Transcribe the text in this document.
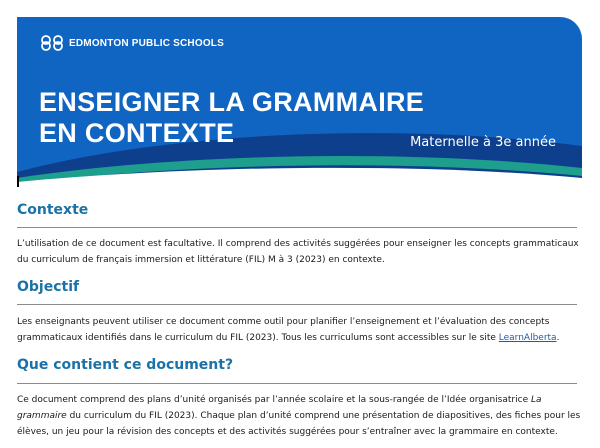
EDMONTON PUBLIC SCHOOLS
ENSEIGNER LA GRAMMAIRE
EN CONTEXTE	Maternelle à 3e année
Contexte

L’utilisation de ce document est facultative. Il comprend des activités suggérées pour enseigner les concepts grammaticaux du curriculum de français immersion et littérature (FIL) M à 3 (2023) en contexte.

Objectif

Les enseignants peuvent utiliser ce document comme outil pour planifier l’enseignement et l’évaluation des concepts grammaticaux identifiés dans le curriculum du FIL (2023). Tous les curriculums sont accessibles sur le site LearnAlberta.

Que contient ce document?

Ce document comprend des plans d’unité organisés par l’année scolaire et la sous-rangée de l’Idée organisatrice La grammaire du curriculum du FIL (2023). Chaque plan d’unité comprend une présentation de diapositives, des fiches pour les élèves, un jeu pour la révision des concepts et des activités suggérées pour s’entraîner avec la grammaire en contexte.
